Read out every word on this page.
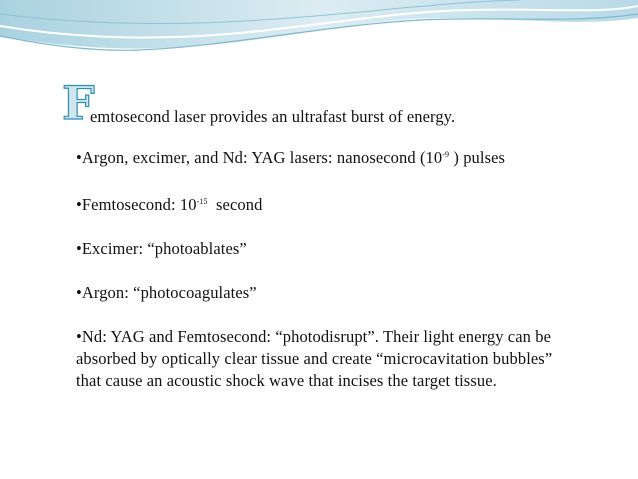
F
emtosecond laser provides an ultrafast burst of energy.

•Argon, excimer, and Nd: YAG lasers: nanosecond ($10^{-9}$ ) pulses

•Femtosecond: $10^{-15}$ second

•Excimer: “photoablates”

•Argon: “photocoagulates”

•Nd: YAG and Femtosecond: “photodisrupt”. Their light energy can be absorbed by optically clear tissue and create “microcavitation bubbles” that cause an acoustic shock wave that incises the target tissue.
